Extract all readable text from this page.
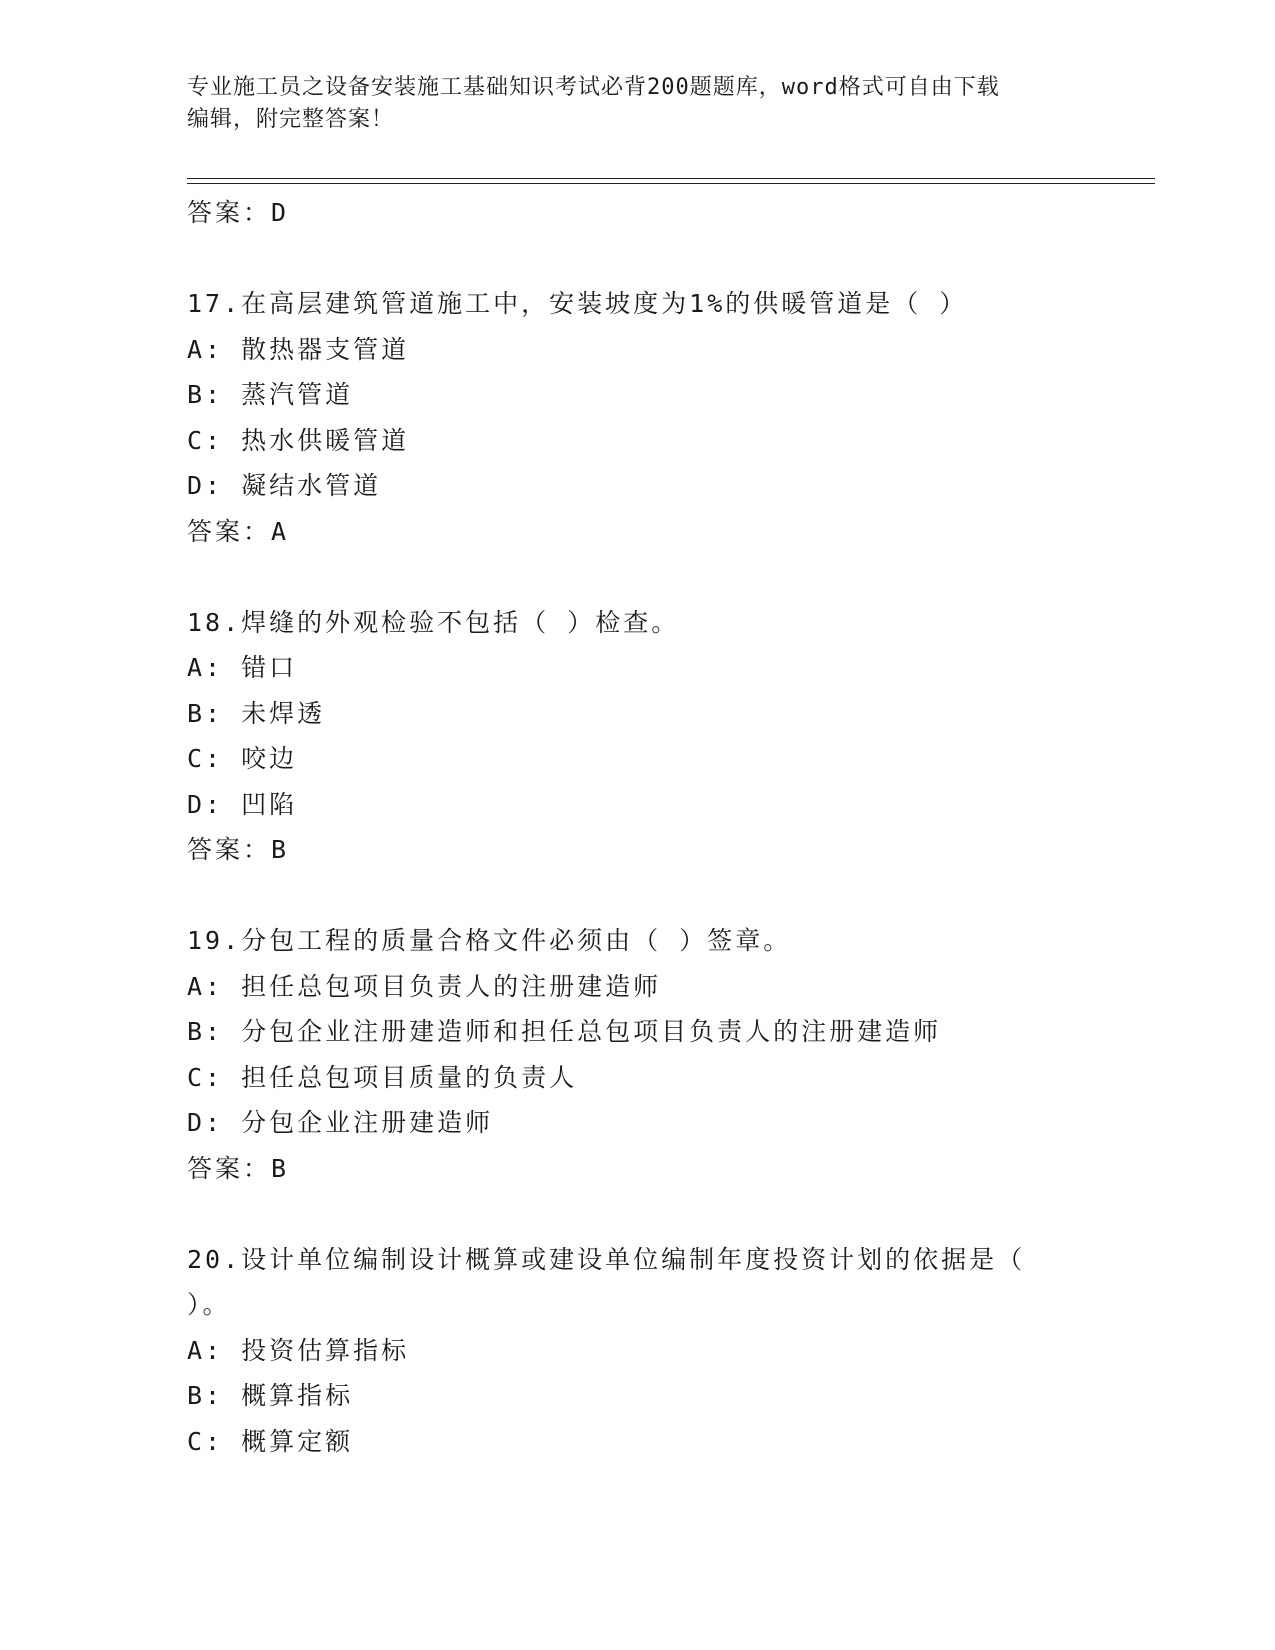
专业施工员之设备安装施工基础知识考试必背200题题库，word格式可自由下载
编辑，附完整答案！
答案：D
17.在高层建筑管道施工中，安装坡度为1%的供暖管道是（ ）
A: 散热器支管道
B: 蒸汽管道
C: 热水供暖管道
D: 凝结水管道
答案：A
18.焊缝的外观检验不包括（ ）检查。
A: 错口
B: 未焊透
C: 咬边
D: 凹陷
答案：B
19.分包工程的质量合格文件必须由（ ）签章。
A: 担任总包项目负责人的注册建造师
B: 分包企业注册建造师和担任总包项目负责人的注册建造师
C: 担任总包项目质量的负责人
D: 分包企业注册建造师
答案：B
20.设计单位编制设计概算或建设单位编制年度投资计划的依据是（
）。
A: 投资估算指标
B: 概算指标
C: 概算定额
